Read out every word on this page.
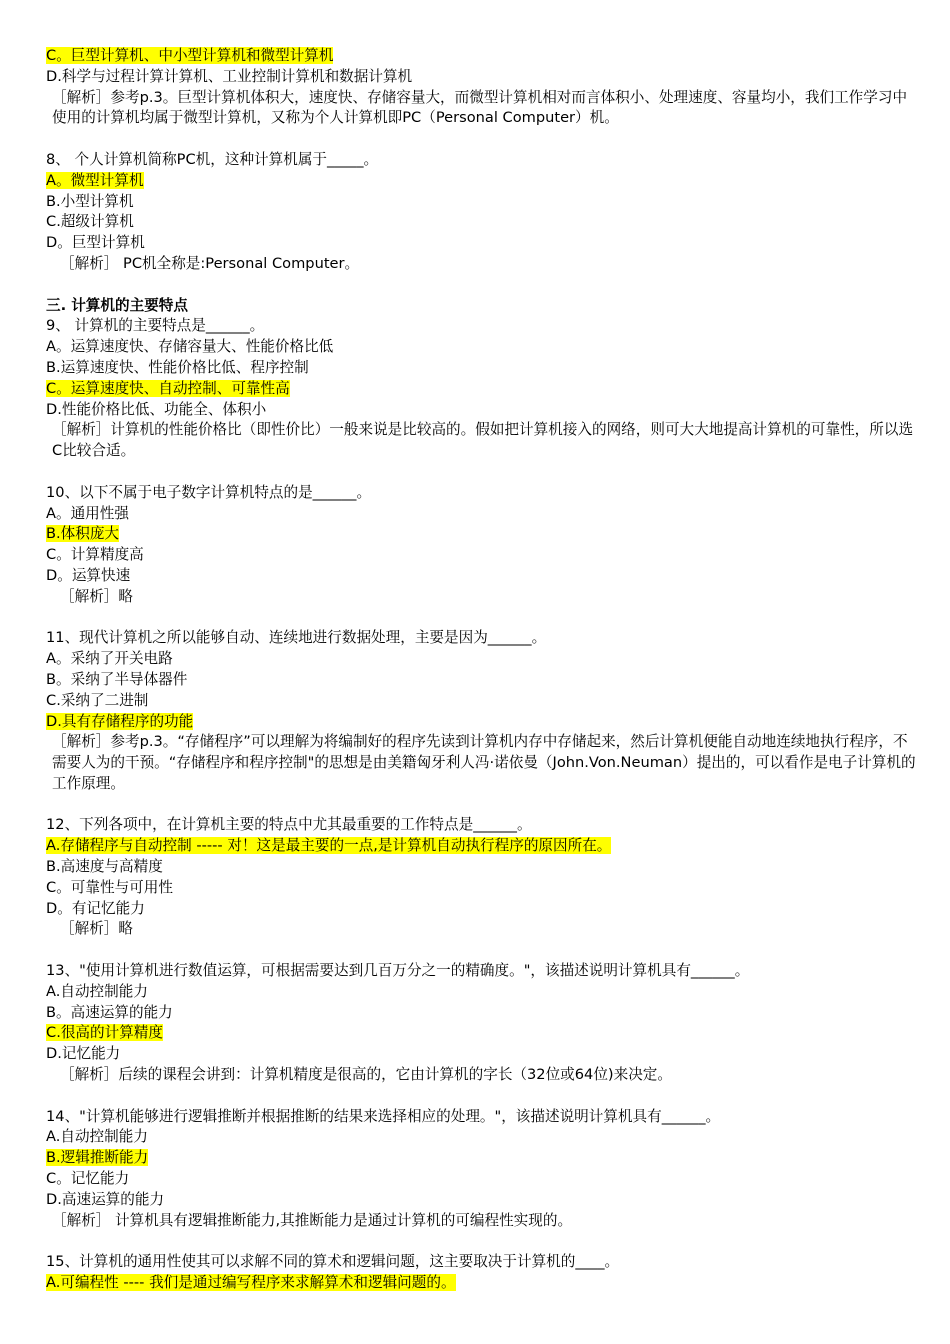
C。巨型计算机、中小型计算机和微型计算机
D.科学与过程计算计算机、工业控制计算机和数据计算机
［解析］参考p.3。巨型计算机体积大，速度快、存储容量大，而微型计算机相对而言体积小、处理速度、容量均小，我们工作学习中使用的计算机均属于微型计算机，又称为个人计算机即PC（Personal Computer）机。
8、 个人计算机简称PC机，这种计算机属于_____。
A。微型计算机
B.小型计算机
C.超级计算机
D。巨型计算机
［解析］ PC机全称是:Personal Computer。
三. 计算机的主要特点
9、 计算机的主要特点是______。
A。运算速度快、存储容量大、性能价格比低
B.运算速度快、性能价格比低、程序控制
C。运算速度快、自动控制、可靠性高
D.性能价格比低、功能全、体积小
［解析］计算机的性能价格比（即性价比）一般来说是比较高的。假如把计算机接入的网络，则可大大地提高计算机的可靠性，所以选C比较合适。
10、以下不属于电子数字计算机特点的是______。
A。通用性强
B.体积庞大
C。计算精度高
D。运算快速
［解析］略
11、现代计算机之所以能够自动、连续地进行数据处理，主要是因为______。
A。采纳了开关电路
B。采纳了半导体器件
C.采纳了二进制
D.具有存储程序的功能
［解析］参考p.3。“存储程序”可以理解为将编制好的程序先读到计算机内存中存储起来，然后计算机便能自动地连续地执行程序，不需要人为的干预。“存储程序和程序控制"的思想是由美籍匈牙利人冯·诺依曼（John.Von.Neuman）提出的，可以看作是电子计算机的工作原理。
12、下列各项中，在计算机主要的特点中尤其最重要的工作特点是______。
A.存储程序与自动控制 ----- 对！这是最主要的一点,是计算机自动执行程序的原因所在。
B.高速度与高精度
C。可靠性与可用性
D。有记忆能力
［解析］略
13、"使用计算机进行数值运算，可根据需要达到几百万分之一的精确度。"，该描述说明计算机具有______。
A.自动控制能力
B。高速运算的能力
C.很高的计算精度
D.记忆能力
［解析］后续的课程会讲到：计算机精度是很高的，它由计算机的字长（32位或64位)来决定。
14、"计算机能够进行逻辑推断并根据推断的结果来选择相应的处理。"，该描述说明计算机具有______。
A.自动控制能力
B.逻辑推断能力
C。记忆能力
D.高速运算的能力
［解析］ 计算机具有逻辑推断能力,其推断能力是通过计算机的可编程性实现的。
15、计算机的通用性使其可以求解不同的算术和逻辑问题，这主要取决于计算机的____。
A.可编程性 ---- 我们是通过编写程序来求解算术和逻辑问题的。
